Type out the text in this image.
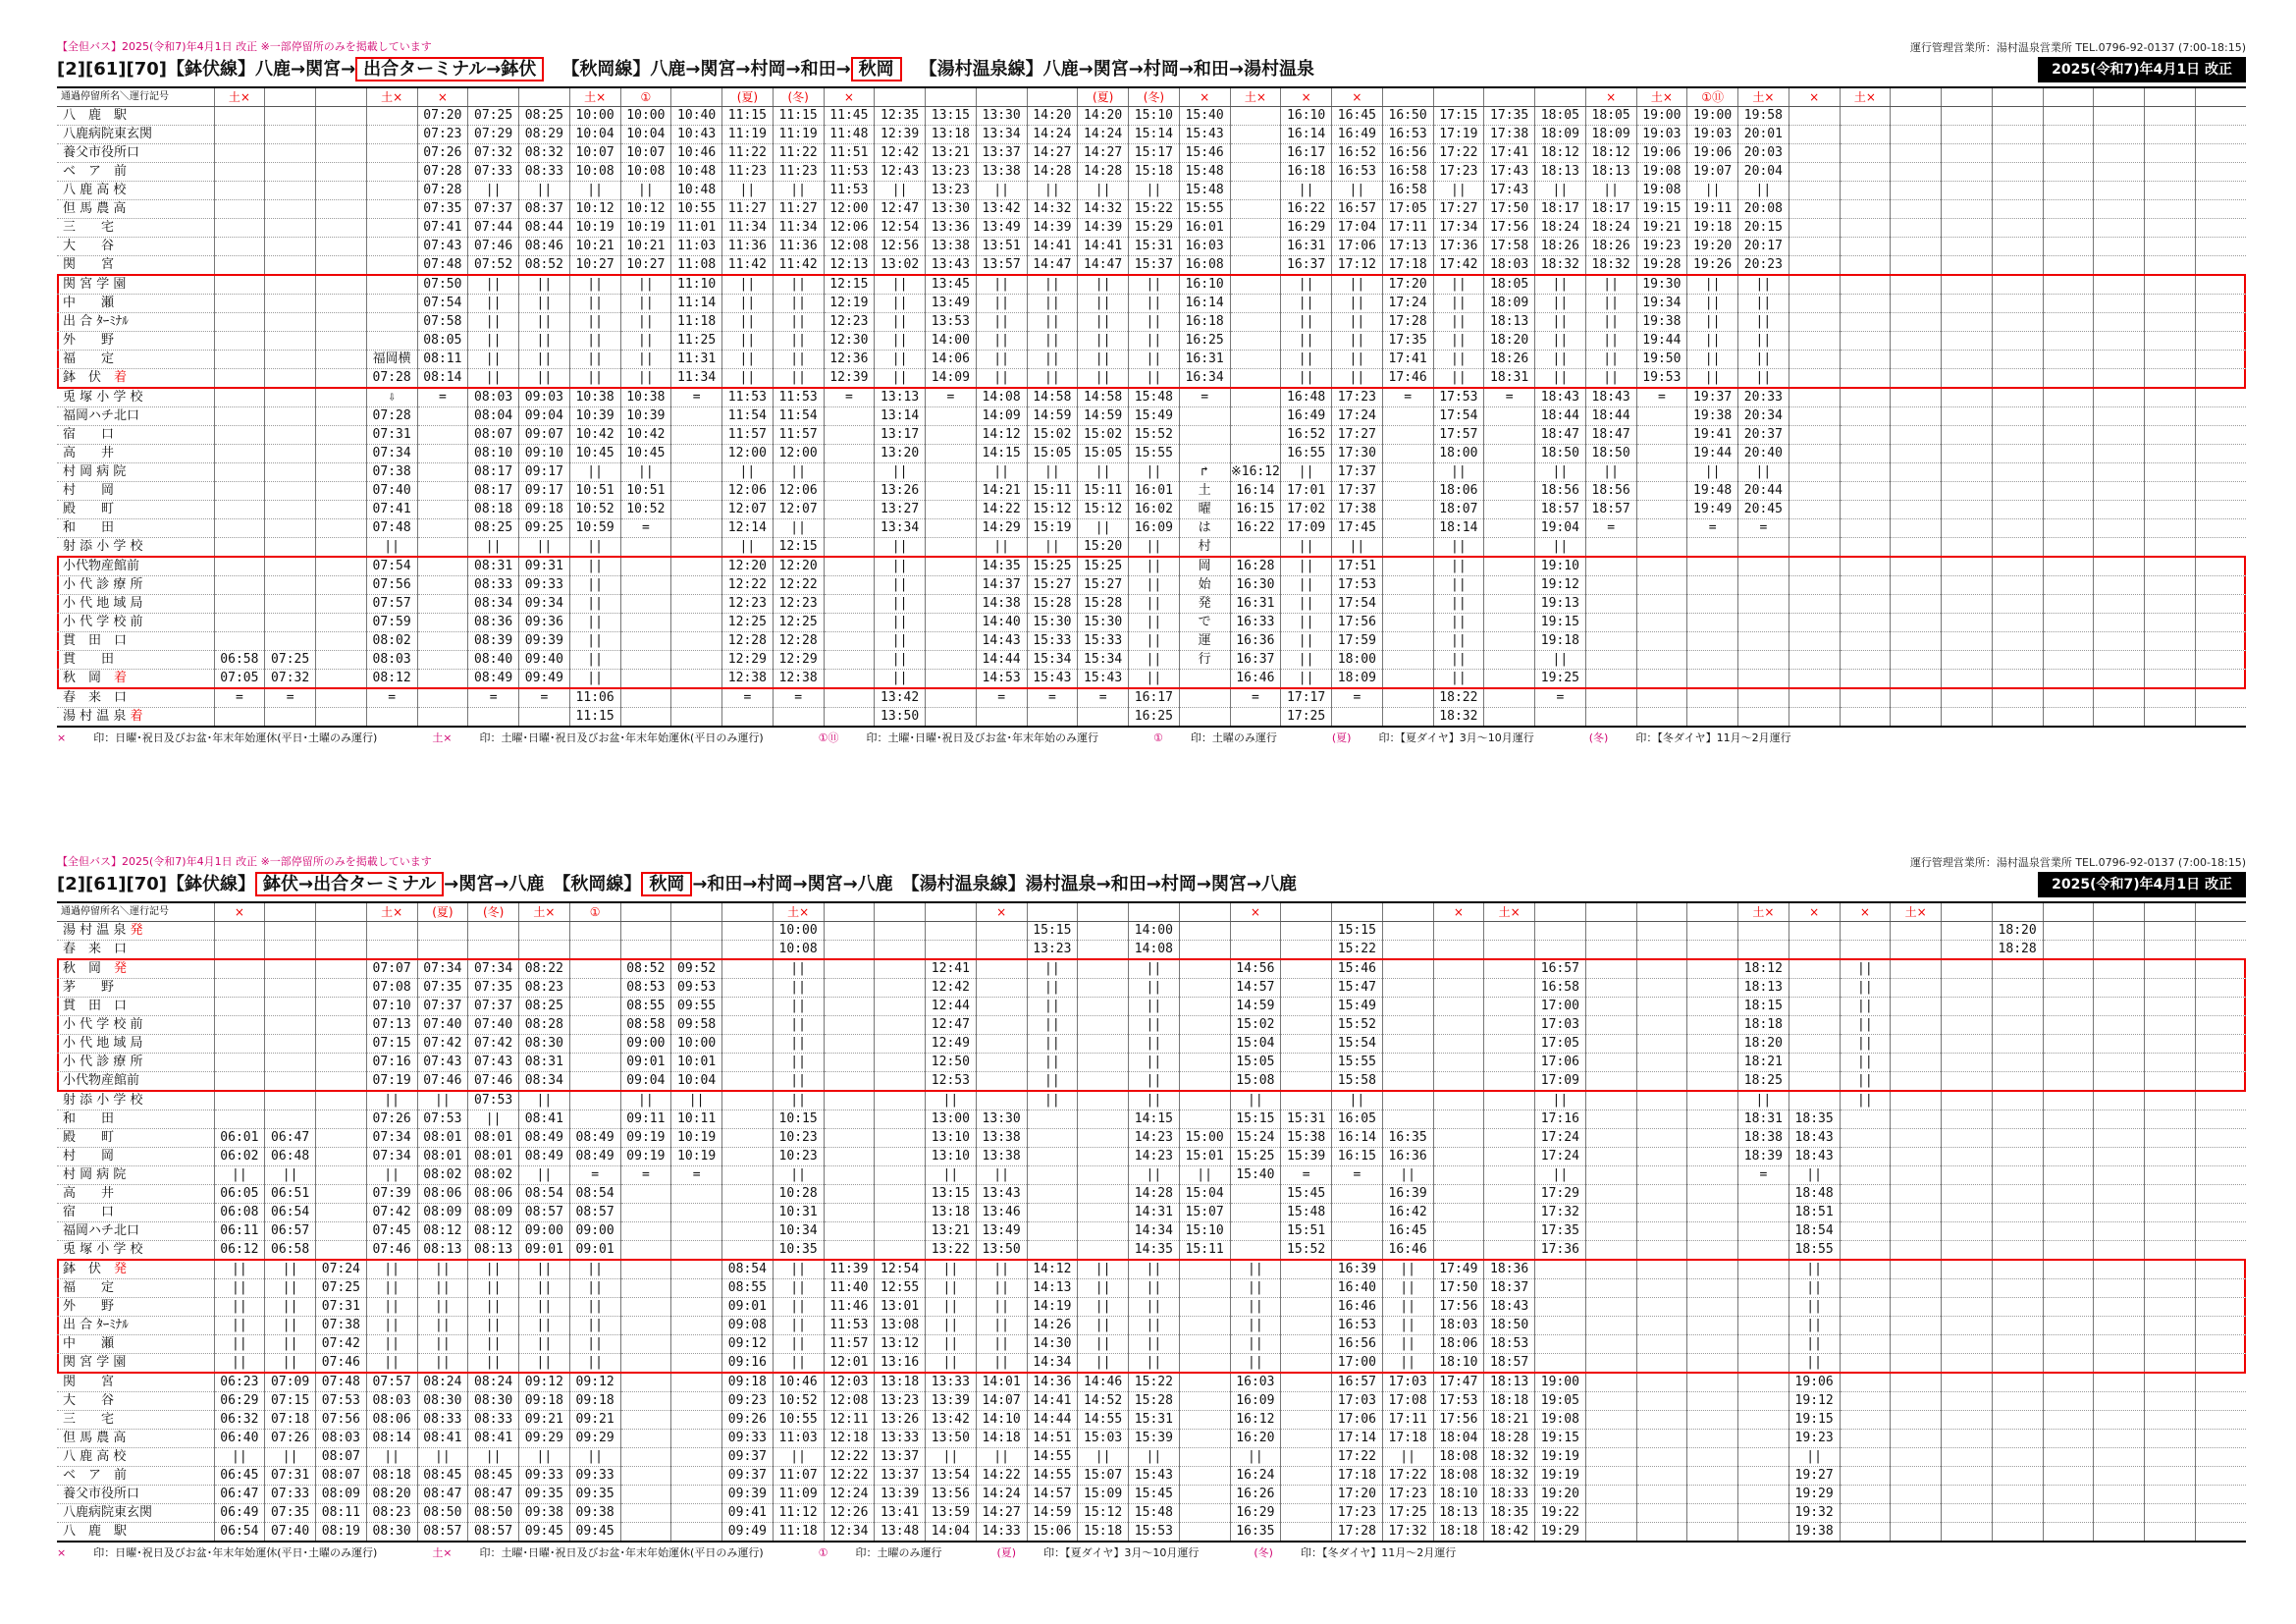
【全但バス】2025(令和7)年4月1日 改正 ※一部停留所のみを掲載しています	運行管理営業所：湯村温泉営業所 TEL.0796-92-0137 (7:00-18:15)
[2][61][70]【鉢伏線】八鹿→関宮→ 出合ターミナル→鉢伏 【秋岡線】八鹿→関宮→村岡→和田→ 秋岡 【湯村温泉線】八鹿→関宮→村岡→和田→湯村温泉	2025(令和7)年4月1日 改正
通過停留所名＼運行記号	土×			土×	×			土×	①		(夏)	(冬)	×					(夏)	(冬)	×	土×	×	×					×	土×	①⑪	土×	×	土×							
八　鹿　駅					07:20	07:25	08:25	10:00	10:00	10:40	11:15	11:15	11:45	12:35	13:15	13:30	14:20	14:20	15:10	15:40		16:10	16:45	16:50	17:15	17:35	18:05	18:05	19:00	19:00	19:58									
八鹿病院東玄関					07:23	07:29	08:29	10:04	10:04	10:43	11:19	11:19	11:48	12:39	13:18	13:34	14:24	14:24	15:14	15:43		16:14	16:49	16:53	17:19	17:38	18:09	18:09	19:03	19:03	20:01									
養父市役所口					07:26	07:32	08:32	10:07	10:07	10:46	11:22	11:22	11:51	12:42	13:21	13:37	14:27	14:27	15:17	15:46		16:17	16:52	16:56	17:22	17:41	18:12	18:12	19:06	19:06	20:03									
ベ　ア　前					07:28	07:33	08:33	10:08	10:08	10:48	11:23	11:23	11:53	12:43	13:23	13:38	14:28	14:28	15:18	15:48		16:18	16:53	16:58	17:23	17:43	18:13	18:13	19:08	19:07	20:04									
八 鹿 高 校					07:28	||	||	||	||	10:48	||	||	11:53	||	13:23	||	||	||	||	15:48		||	||	16:58	||	17:43	||	||	19:08	||	||									
但 馬 農 高					07:35	07:37	08:37	10:12	10:12	10:55	11:27	11:27	12:00	12:47	13:30	13:42	14:32	14:32	15:22	15:55		16:22	16:57	17:05	17:27	17:50	18:17	18:17	19:15	19:11	20:08									
三　　宅					07:41	07:44	08:44	10:19	10:19	11:01	11:34	11:34	12:06	12:54	13:36	13:49	14:39	14:39	15:29	16:01		16:29	17:04	17:11	17:34	17:56	18:24	18:24	19:21	19:18	20:15									
大　　谷					07:43	07:46	08:46	10:21	10:21	11:03	11:36	11:36	12:08	12:56	13:38	13:51	14:41	14:41	15:31	16:03		16:31	17:06	17:13	17:36	17:58	18:26	18:26	19:23	19:20	20:17									
関　　宮					07:48	07:52	08:52	10:27	10:27	11:08	11:42	11:42	12:13	13:02	13:43	13:57	14:47	14:47	15:37	16:08		16:37	17:12	17:18	17:42	18:03	18:32	18:32	19:28	19:26	20:23									
関 宮 学 園					07:50	||	||	||	||	11:10	||	||	12:15	||	13:45	||	||	||	||	16:10		||	||	17:20	||	18:05	||	||	19:30	||	||									
中　　瀬					07:54	||	||	||	||	11:14	||	||	12:19	||	13:49	||	||	||	||	16:14		||	||	17:24	||	18:09	||	||	19:34	||	||									
出 合 ﾀｰﾐﾅﾙ					07:58	||	||	||	||	11:18	||	||	12:23	||	13:53	||	||	||	||	16:18		||	||	17:28	||	18:13	||	||	19:38	||	||									
外　　野					08:05	||	||	||	||	11:25	||	||	12:30	||	14:00	||	||	||	||	16:25		||	||	17:35	||	18:20	||	||	19:44	||	||									
福　　定				福岡横	08:11	||	||	||	||	11:31	||	||	12:36	||	14:06	||	||	||	||	16:31		||	||	17:41	||	18:26	||	||	19:50	||	||									
鉢　伏　着				07:28	08:14	||	||	||	||	11:34	||	||	12:39	||	14:09	||	||	||	||	16:34		||	||	17:46	||	18:31	||	||	19:53	||	||									
兎 塚 小 学 校				⇩	=	08:03	09:03	10:38	10:38	=	11:53	11:53	=	13:13	=	14:08	14:58	14:58	15:48	=		16:48	17:23	=	17:53	=	18:43	18:43	=	19:37	20:33									
福岡ハチ北口				07:28		08:04	09:04	10:39	10:39		11:54	11:54		13:14		14:09	14:59	14:59	15:49			16:49	17:24		17:54		18:44	18:44		19:38	20:34									
宿　　口				07:31		08:07	09:07	10:42	10:42		11:57	11:57		13:17		14:12	15:02	15:02	15:52			16:52	17:27		17:57		18:47	18:47		19:41	20:37									
高　　井				07:34		08:10	09:10	10:45	10:45		12:00	12:00		13:20		14:15	15:05	15:05	15:55			16:55	17:30		18:00		18:50	18:50		19:44	20:40									
村 岡 病 院				07:38		08:17	09:17	||	||		||	||		||		||	||	||	||	↱	※16:12	||	17:37		||		||	||		||	||									
村　　岡				07:40		08:17	09:17	10:51	10:51		12:06	12:06		13:26		14:21	15:11	15:11	16:01	土	16:14	17:01	17:37		18:06		18:56	18:56		19:48	20:44									
殿　　町				07:41		08:18	09:18	10:52	10:52		12:07	12:07		13:27		14:22	15:12	15:12	16:02	曜	16:15	17:02	17:38		18:07		18:57	18:57		19:49	20:45									
和　　田				07:48		08:25	09:25	10:59	=		12:14	||		13:34		14:29	15:19	||	16:09	は	16:22	17:09	17:45		18:14		19:04	=		=	=									
射 添 小 学 校				||		||	||	||			||	12:15		||		||	||	15:20	||	村		||	||		||		||													
小代物産館前				07:54		08:31	09:31	||			12:20	12:20		||		14:35	15:25	15:25	||	岡	16:28	||	17:51		||		19:10													
小 代 診 療 所				07:56		08:33	09:33	||			12:22	12:22		||		14:37	15:27	15:27	||	始	16:30	||	17:53		||		19:12													
小 代 地 域 局				07:57		08:34	09:34	||			12:23	12:23		||		14:38	15:28	15:28	||	発	16:31	||	17:54		||		19:13													
小 代 学 校 前				07:59		08:36	09:36	||			12:25	12:25		||		14:40	15:30	15:30	||	で	16:33	||	17:56		||		19:15													
貫　田　口				08:02		08:39	09:39	||			12:28	12:28		||		14:43	15:33	15:33	||	運	16:36	||	17:59		||		19:18													
貫　　田	06:58	07:25		08:03		08:40	09:40	||			12:29	12:29		||		14:44	15:34	15:34	||	行	16:37	||	18:00		||		||													
秋　岡　着	07:05	07:32		08:12		08:49	09:49	||			12:38	12:38		||		14:53	15:43	15:43	||		16:46	||	18:09		||		19:25													
春　来　口	=	=		=		=	=	11:06			=	=		13:42		=	=	=	16:17		=	17:17	=		18:22		=													
湯 村 温 泉 着								11:15						13:50					16:25			17:25			18:32															
×	印：日曜･祝日及びお盆･年末年始運休(平日･土曜のみ運行)	土×	印：土曜･日曜･祝日及びお盆･年末年始運休(平日のみ運行)	①⑪	印：土曜･日曜･祝日及びお盆･年末年始のみ運行	①	印：土曜のみ運行	(夏)	印：【夏ダイヤ】3月～10月運行	(冬)	印：【冬ダイヤ】11月～2月運行
【全但バス】2025(令和7)年4月1日 改正 ※一部停留所のみを掲載しています	運行管理営業所：湯村温泉営業所 TEL.0796-92-0137 (7:00-18:15)
[2][61][70]【鉢伏線】 鉢伏→出合ターミナル →関宮→八鹿　【秋岡線】 秋岡 →和田→村岡→関宮→八鹿　【湯村温泉線】湯村温泉→和田→村岡→関宮→八鹿	2025(令和7)年4月1日 改正
通過停留所名＼運行記号	×			土×	(夏)	(冬)	土×	①				土×				×					×				×	土×					土×	×	×	土×						
湯 村 温 泉 発												10:00					15:15		14:00				15:15													18:20				
春　来　口												10:08					13:23		14:08				15:22													18:28				
秋　岡　発				07:07	07:34	07:34	08:22		08:52	09:52		||			12:41		||		||		14:56		15:46				16:57				18:12		||							
茅　　野				07:08	07:35	07:35	08:23		08:53	09:53		||			12:42		||		||		14:57		15:47				16:58				18:13		||							
貫　田　口				07:10	07:37	07:37	08:25		08:55	09:55		||			12:44		||		||		14:59		15:49				17:00				18:15		||							
小 代 学 校 前				07:13	07:40	07:40	08:28		08:58	09:58		||			12:47		||		||		15:02		15:52				17:03				18:18		||							
小 代 地 域 局				07:15	07:42	07:42	08:30		09:00	10:00		||			12:49		||		||		15:04		15:54				17:05				18:20		||							
小 代 診 療 所				07:16	07:43	07:43	08:31		09:01	10:01		||			12:50		||		||		15:05		15:55				17:06				18:21		||							
小代物産館前				07:19	07:46	07:46	08:34		09:04	10:04		||			12:53		||		||		15:08		15:58				17:09				18:25		||							
射 添 小 学 校				||	||	07:53	||		||	||		||			||		||		||		||		||				||				||		||							
和　　田				07:26	07:53	||	08:41		09:11	10:11		10:15			13:00	13:30			14:15		15:15	15:31	16:05				17:16				18:31	18:35								
殿　　町	06:01	06:47		07:34	08:01	08:01	08:49	08:49	09:19	10:19		10:23			13:10	13:38			14:23	15:00	15:24	15:38	16:14	16:35			17:24				18:38	18:43								
村　　岡	06:02	06:48		07:34	08:01	08:01	08:49	08:49	09:19	10:19		10:23			13:10	13:38			14:23	15:01	15:25	15:39	16:15	16:36			17:24				18:39	18:43								
村 岡 病 院	||	||		||	08:02	08:02	||	=	=	=		||			||	||			||	||	15:40	=	=	||			||				=	||								
高　　井	06:05	06:51		07:39	08:06	08:06	08:54	08:54				10:28			13:15	13:43			14:28	15:04		15:45		16:39			17:29					18:48								
宿　　口	06:08	06:54		07:42	08:09	08:09	08:57	08:57				10:31			13:18	13:46			14:31	15:07		15:48		16:42			17:32					18:51								
福岡ハチ北口	06:11	06:57		07:45	08:12	08:12	09:00	09:00				10:34			13:21	13:49			14:34	15:10		15:51		16:45			17:35					18:54								
兎 塚 小 学 校	06:12	06:58		07:46	08:13	08:13	09:01	09:01				10:35			13:22	13:50			14:35	15:11		15:52		16:46			17:36					18:55								
鉢　伏　発	||	||	07:24	||	||	||	||	||			08:54	||	11:39	12:54	||	||	14:12	||	||		||		16:39	||	17:49	18:36						||								
福　　定	||	||	07:25	||	||	||	||	||			08:55	||	11:40	12:55	||	||	14:13	||	||		||		16:40	||	17:50	18:37						||								
外　　野	||	||	07:31	||	||	||	||	||			09:01	||	11:46	13:01	||	||	14:19	||	||		||		16:46	||	17:56	18:43						||								
出 合 ﾀｰﾐﾅﾙ	||	||	07:38	||	||	||	||	||			09:08	||	11:53	13:08	||	||	14:26	||	||		||		16:53	||	18:03	18:50						||								
中　　瀬	||	||	07:42	||	||	||	||	||			09:12	||	11:57	13:12	||	||	14:30	||	||		||		16:56	||	18:06	18:53						||								
関 宮 学 園	||	||	07:46	||	||	||	||	||			09:16	||	12:01	13:16	||	||	14:34	||	||		||		17:00	||	18:10	18:57						||								
関　　宮	06:23	07:09	07:48	07:57	08:24	08:24	09:12	09:12			09:18	10:46	12:03	13:18	13:33	14:01	14:36	14:46	15:22		16:03		16:57	17:03	17:47	18:13	19:00					19:06								
大　　谷	06:29	07:15	07:53	08:03	08:30	08:30	09:18	09:18			09:23	10:52	12:08	13:23	13:39	14:07	14:41	14:52	15:28		16:09		17:03	17:08	17:53	18:18	19:05					19:12								
三　　宅	06:32	07:18	07:56	08:06	08:33	08:33	09:21	09:21			09:26	10:55	12:11	13:26	13:42	14:10	14:44	14:55	15:31		16:12		17:06	17:11	17:56	18:21	19:08					19:15								
但 馬 農 高	06:40	07:26	08:03	08:14	08:41	08:41	09:29	09:29			09:33	11:03	12:18	13:33	13:50	14:18	14:51	15:03	15:39		16:20		17:14	17:18	18:04	18:28	19:15					19:23								
八 鹿 高 校	||	||	08:07	||	||	||	||	||			09:37	||	12:22	13:37	||	||	14:55	||	||		||		17:22	||	18:08	18:32	19:19					||								
ベ　ア　前	06:45	07:31	08:07	08:18	08:45	08:45	09:33	09:33			09:37	11:07	12:22	13:37	13:54	14:22	14:55	15:07	15:43		16:24		17:18	17:22	18:08	18:32	19:19					19:27								
養父市役所口	06:47	07:33	08:09	08:20	08:47	08:47	09:35	09:35			09:39	11:09	12:24	13:39	13:56	14:24	14:57	15:09	15:45		16:26		17:20	17:23	18:10	18:33	19:20					19:29								
八鹿病院東玄関	06:49	07:35	08:11	08:23	08:50	08:50	09:38	09:38			09:41	11:12	12:26	13:41	13:59	14:27	14:59	15:12	15:48		16:29		17:23	17:25	18:13	18:35	19:22					19:32								
八　鹿　駅	06:54	07:40	08:19	08:30	08:57	08:57	09:45	09:45			09:49	11:18	12:34	13:48	14:04	14:33	15:06	15:18	15:53		16:35		17:28	17:32	18:18	18:42	19:29					19:38								
×	印：日曜･祝日及びお盆･年末年始運休(平日･土曜のみ運行)	土×	印：土曜･日曜･祝日及びお盆･年末年始運休(平日のみ運行)	①	印：土曜のみ運行	(夏)	印：【夏ダイヤ】3月～10月運行	(冬)	印：【冬ダイヤ】11月～2月運行
